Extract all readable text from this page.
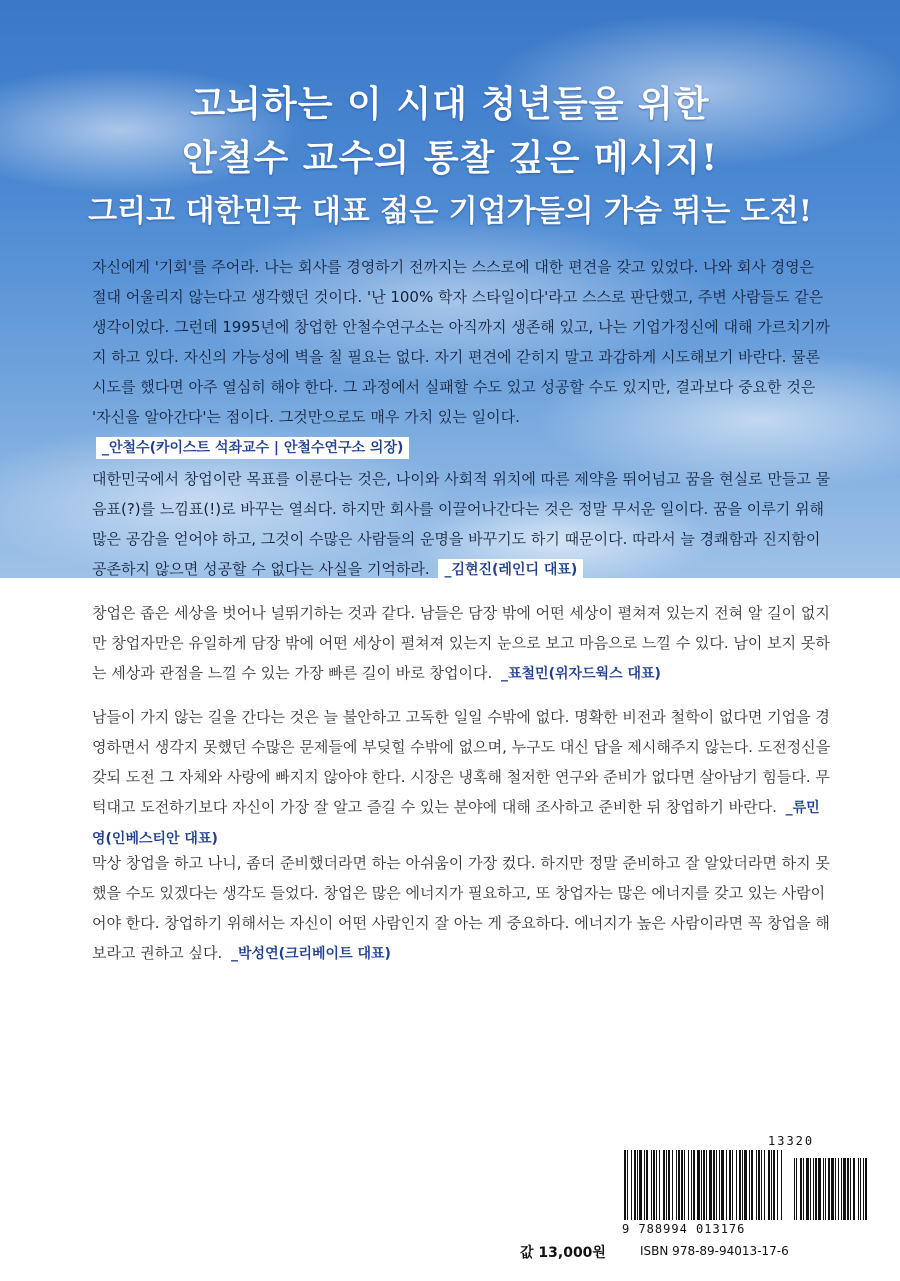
고뇌하는 이 시대 청년들을 위한
안철수 교수의 통찰 깊은 메시지!
그리고 대한민국 대표 젊은 기업가들의 가슴 뛰는 도전!
자신에게 '기회'를 주어라. 나는 회사를 경영하기 전까지는 스스로에 대한 편견을 갖고 있었다. 나와 회사 경영은 절대 어울리지 않는다고 생각했던 것이다. '난 100% 학자 스타일이다'라고 스스로 판단했고, 주변 사람들도 같은 생각이었다. 그런데 1995년에 창업한 안철수연구소는 아직까지 생존해 있고, 나는 기업가정신에 대해 가르치기까지 하고 있다. 자신의 가능성에 벽을 칠 필요는 없다. 자기 편견에 갇히지 말고 과감하게 시도해보기 바란다. 물론 시도를 했다면 아주 열심히 해야 한다. 그 과정에서 실패할 수도 있고 성공할 수도 있지만, 결과보다 중요한 것은 '자신을 알아간다'는 점이다. 그것만으로도 매우 가치 있는 일이다.
_안철수(카이스트 석좌교수 | 안철수연구소 의장)
대한민국에서 창업이란 목표를 이룬다는 것은, 나이와 사회적 위치에 따른 제약을 뛰어넘고 꿈을 현실로 만들고 물음표(?)를 느낌표(!)로 바꾸는 열쇠다. 하지만 회사를 이끌어나간다는 것은 정말 무서운 일이다. 꿈을 이루기 위해 많은 공감을 얻어야 하고, 그것이 수많은 사람들의 운명을 바꾸기도 하기 때문이다. 따라서 늘 경쾌함과 진지함이 공존하지 않으면 성공할 수 없다는 사실을 기억하라. _김현진(레인디 대표)
창업은 좁은 세상을 벗어나 널뛰기하는 것과 같다. 남들은 담장 밖에 어떤 세상이 펼쳐져 있는지 전혀 알 길이 없지만 창업자만은 유일하게 담장 밖에 어떤 세상이 펼쳐져 있는지 눈으로 보고 마음으로 느낄 수 있다. 남이 보지 못하는 세상과 관점을 느낄 수 있는 가장 빠른 길이 바로 창업이다. _표철민(위자드웍스 대표)
남들이 가지 않는 길을 간다는 것은 늘 불안하고 고독한 일일 수밖에 없다. 명확한 비전과 철학이 없다면 기업을 경영하면서 생각지 못했던 수많은 문제들에 부딪힐 수밖에 없으며, 누구도 대신 답을 제시해주지 않는다. 도전정신을 갖되 도전 그 자체와 사랑에 빠지지 않아야 한다. 시장은 냉혹해 철저한 연구와 준비가 없다면 살아남기 힘들다. 무턱대고 도전하기보다 자신이 가장 잘 알고 즐길 수 있는 분야에 대해 조사하고 준비한 뒤 창업하기 바란다. _류민영(인베스티안 대표)
막상 창업을 하고 나니, 좀더 준비했더라면 하는 아쉬움이 가장 컸다. 하지만 정말 준비하고 잘 알았더라면 하지 못했을 수도 있겠다는 생각도 들었다. 창업은 많은 에너지가 필요하고, 또 창업자는 많은 에너지를 갖고 있는 사람이어야 한다. 창업하기 위해서는 자신이 어떤 사람인지 잘 아는 게 중요하다. 에너지가 높은 사람이라면 꼭 창업을 해보라고 권하고 싶다. _박성연(크리베이트 대표)
13320
9 788994 013176
값 13,000원	ISBN 978-89-94013-17-6
